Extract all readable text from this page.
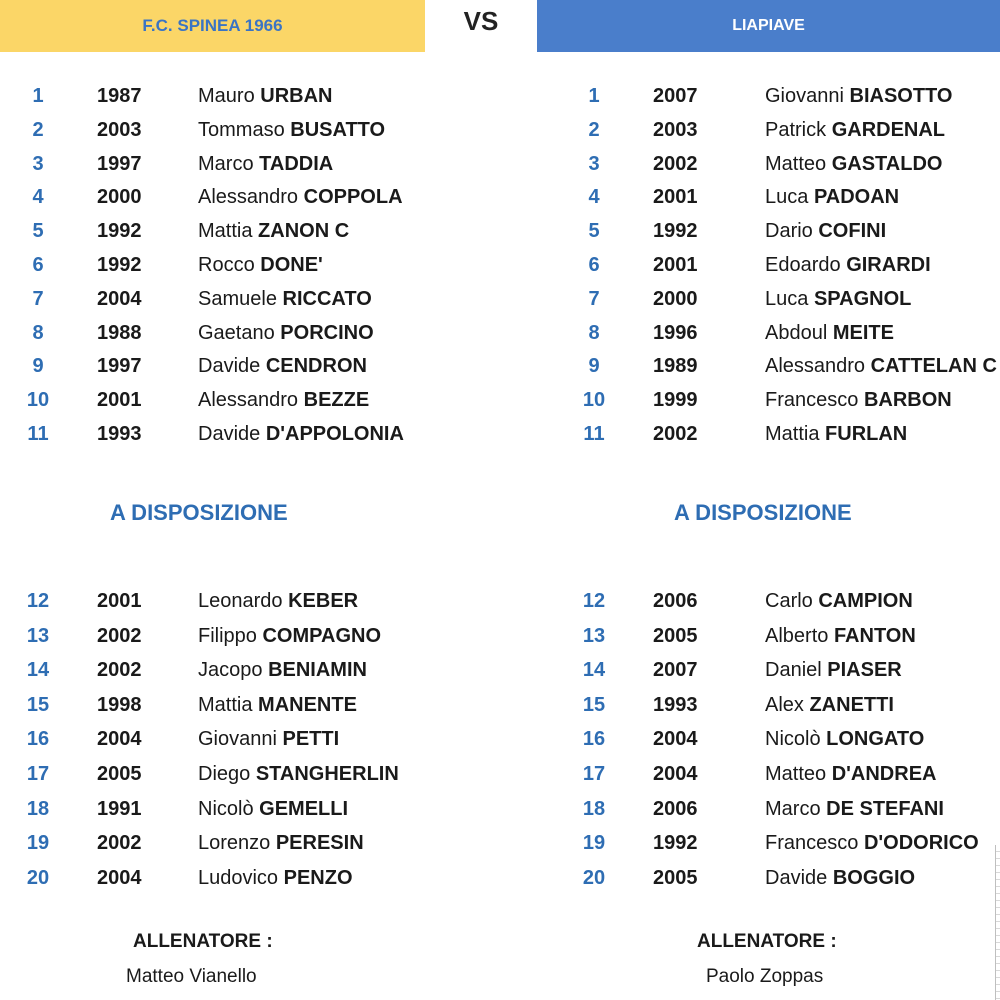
F.C. SPINEA 1966	VS	LIAPIAVE
1	1987	Mauro URBAN
2	2003	Tommaso BUSATTO
3	1997	Marco TADDIA
4	2000	Alessandro COPPOLA
5	1992	Mattia ZANON C
6	1992	Rocco DONE'
7	2004	Samuele RICCATO
8	1988	Gaetano PORCINO
9	1997	Davide CENDRON
10	2001	Alessandro BEZZE
11	1993	Davide D'APPOLONIA
1	2007	Giovanni BIASOTTO
2	2003	Patrick GARDENAL
3	2002	Matteo GASTALDO
4	2001	Luca PADOAN
5	1992	Dario COFINI
6	2001	Edoardo GIRARDI
7	2000	Luca SPAGNOL
8	1996	Abdoul MEITE
9	1989	Alessandro CATTELAN C
10	1999	Francesco BARBON
11	2002	Mattia FURLAN
A DISPOSIZIONE	A DISPOSIZIONE
12	2001	Leonardo KEBER
13	2002	Filippo COMPAGNO
14	2002	Jacopo BENIAMIN
15	1998	Mattia MANENTE
16	2004	Giovanni PETTI
17	2005	Diego STANGHERLIN
18	1991	Nicolò GEMELLI
19	2002	Lorenzo PERESIN
20	2004	Ludovico PENZO
12	2006	Carlo CAMPION
13	2005	Alberto FANTON
14	2007	Daniel PIASER
15	1993	Alex ZANETTI
16	2004	Nicolò LONGATO
17	2004	Matteo D'ANDREA
18	2006	Marco DE STEFANI
19	1992	Francesco D'ODORICO
20	2005	Davide BOGGIO
ALLENATORE :
Matteo Vianello
ALLENATORE :
Paolo Zoppas
